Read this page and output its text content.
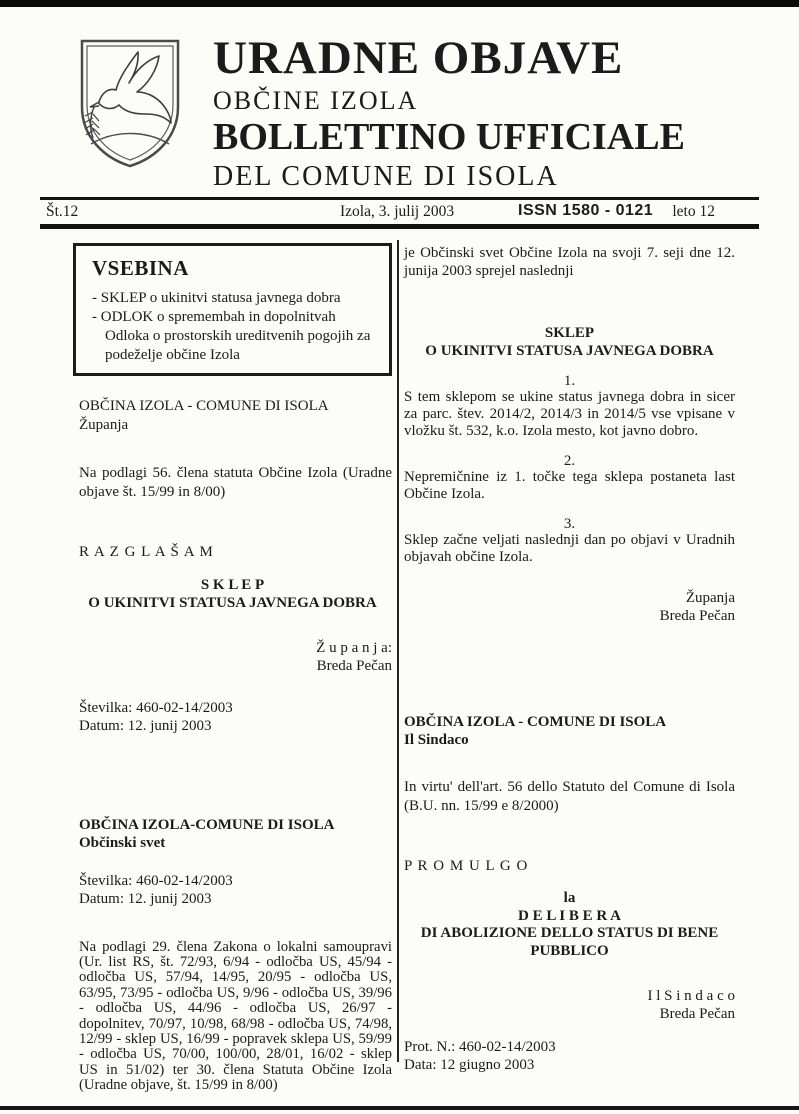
URADNE OBJAVE
OBČINE IZOLA
BOLLETTINO UFFICIALE
DEL COMUNE DI ISOLA
Št.12	Izola, 3. julij 2003	ISSN 1580 - 0121 leto 12
VSEBINA
- SKLEP o ukinitvi statusa javnega dobra
- ODLOK o spremembah in dopolnitvah Odloka o prostorskih ureditvenih pogojih za podeželje občine Izola
OBČINA IZOLA - COMUNE DI ISOLA
Županja
Na podlagi 56. člena statuta Občine Izola (Uradne objave št. 15/99 in 8/00)
R A Z G L A Š A M
S K L E P
O UKINITVI STATUSA JAVNEGA DOBRA
Ž u p a n j a:
Breda Pečan
Številka: 460-02-14/2003
Datum: 12. junij 2003
OBČINA IZOLA-COMUNE DI ISOLA
Občinski svet
Številka: 460-02-14/2003
Datum: 12. junij 2003
Na podlagi 29. člena Zakona o lokalni samoupravi (Ur. list RS, št. 72/93, 6/94 - odločba US, 45/94 - odločba US, 57/94, 14/95, 20/95 - odločba US, 63/95, 73/95 - odločba US, 9/96 - odločba US, 39/96 - odločba US, 44/96 - odločba US, 26/97 - dopolnitev, 70/97, 10/98, 68/98 - odločba US, 74/98, 12/99 - sklep US, 16/99 - popravek sklepa US, 59/99 - odločba US, 70/00, 100/00, 28/01, 16/02 - sklep US in 51/02) ter 30. člena Statuta Občine Izola (Uradne objave, št. 15/99 in 8/00)
je Občinski svet Občine Izola na svoji 7. seji dne 12. junija 2003 sprejel naslednji
SKLEP
O UKINITVI STATUSA JAVNEGA DOBRA
1.
S tem sklepom se ukine status javnega dobra in sicer za parc. štev. 2014/2, 2014/3 in 2014/5 vse vpisane v vložku št. 532, k.o. Izola mesto, kot javno dobro.
2.
Nepremičnine iz 1. točke tega sklepa postaneta last Občine Izola.
3.
Sklep začne veljati naslednji dan po objavi v Uradnih objavah občine Izola.
Županja
Breda Pečan
OBČINA IZOLA - COMUNE DI ISOLA
Il Sindaco
In virtu' dell'art. 56 dello Statuto del Comune di Isola (B.U. nn. 15/99 e 8/2000)
P R O M U L G O
la
D E L I B E R A
DI ABOLIZIONE DELLO STATUS DI BENE
PUBBLICO
I l S i n d a c o
Breda Pečan
Prot. N.: 460-02-14/2003
Data: 12 giugno 2003
